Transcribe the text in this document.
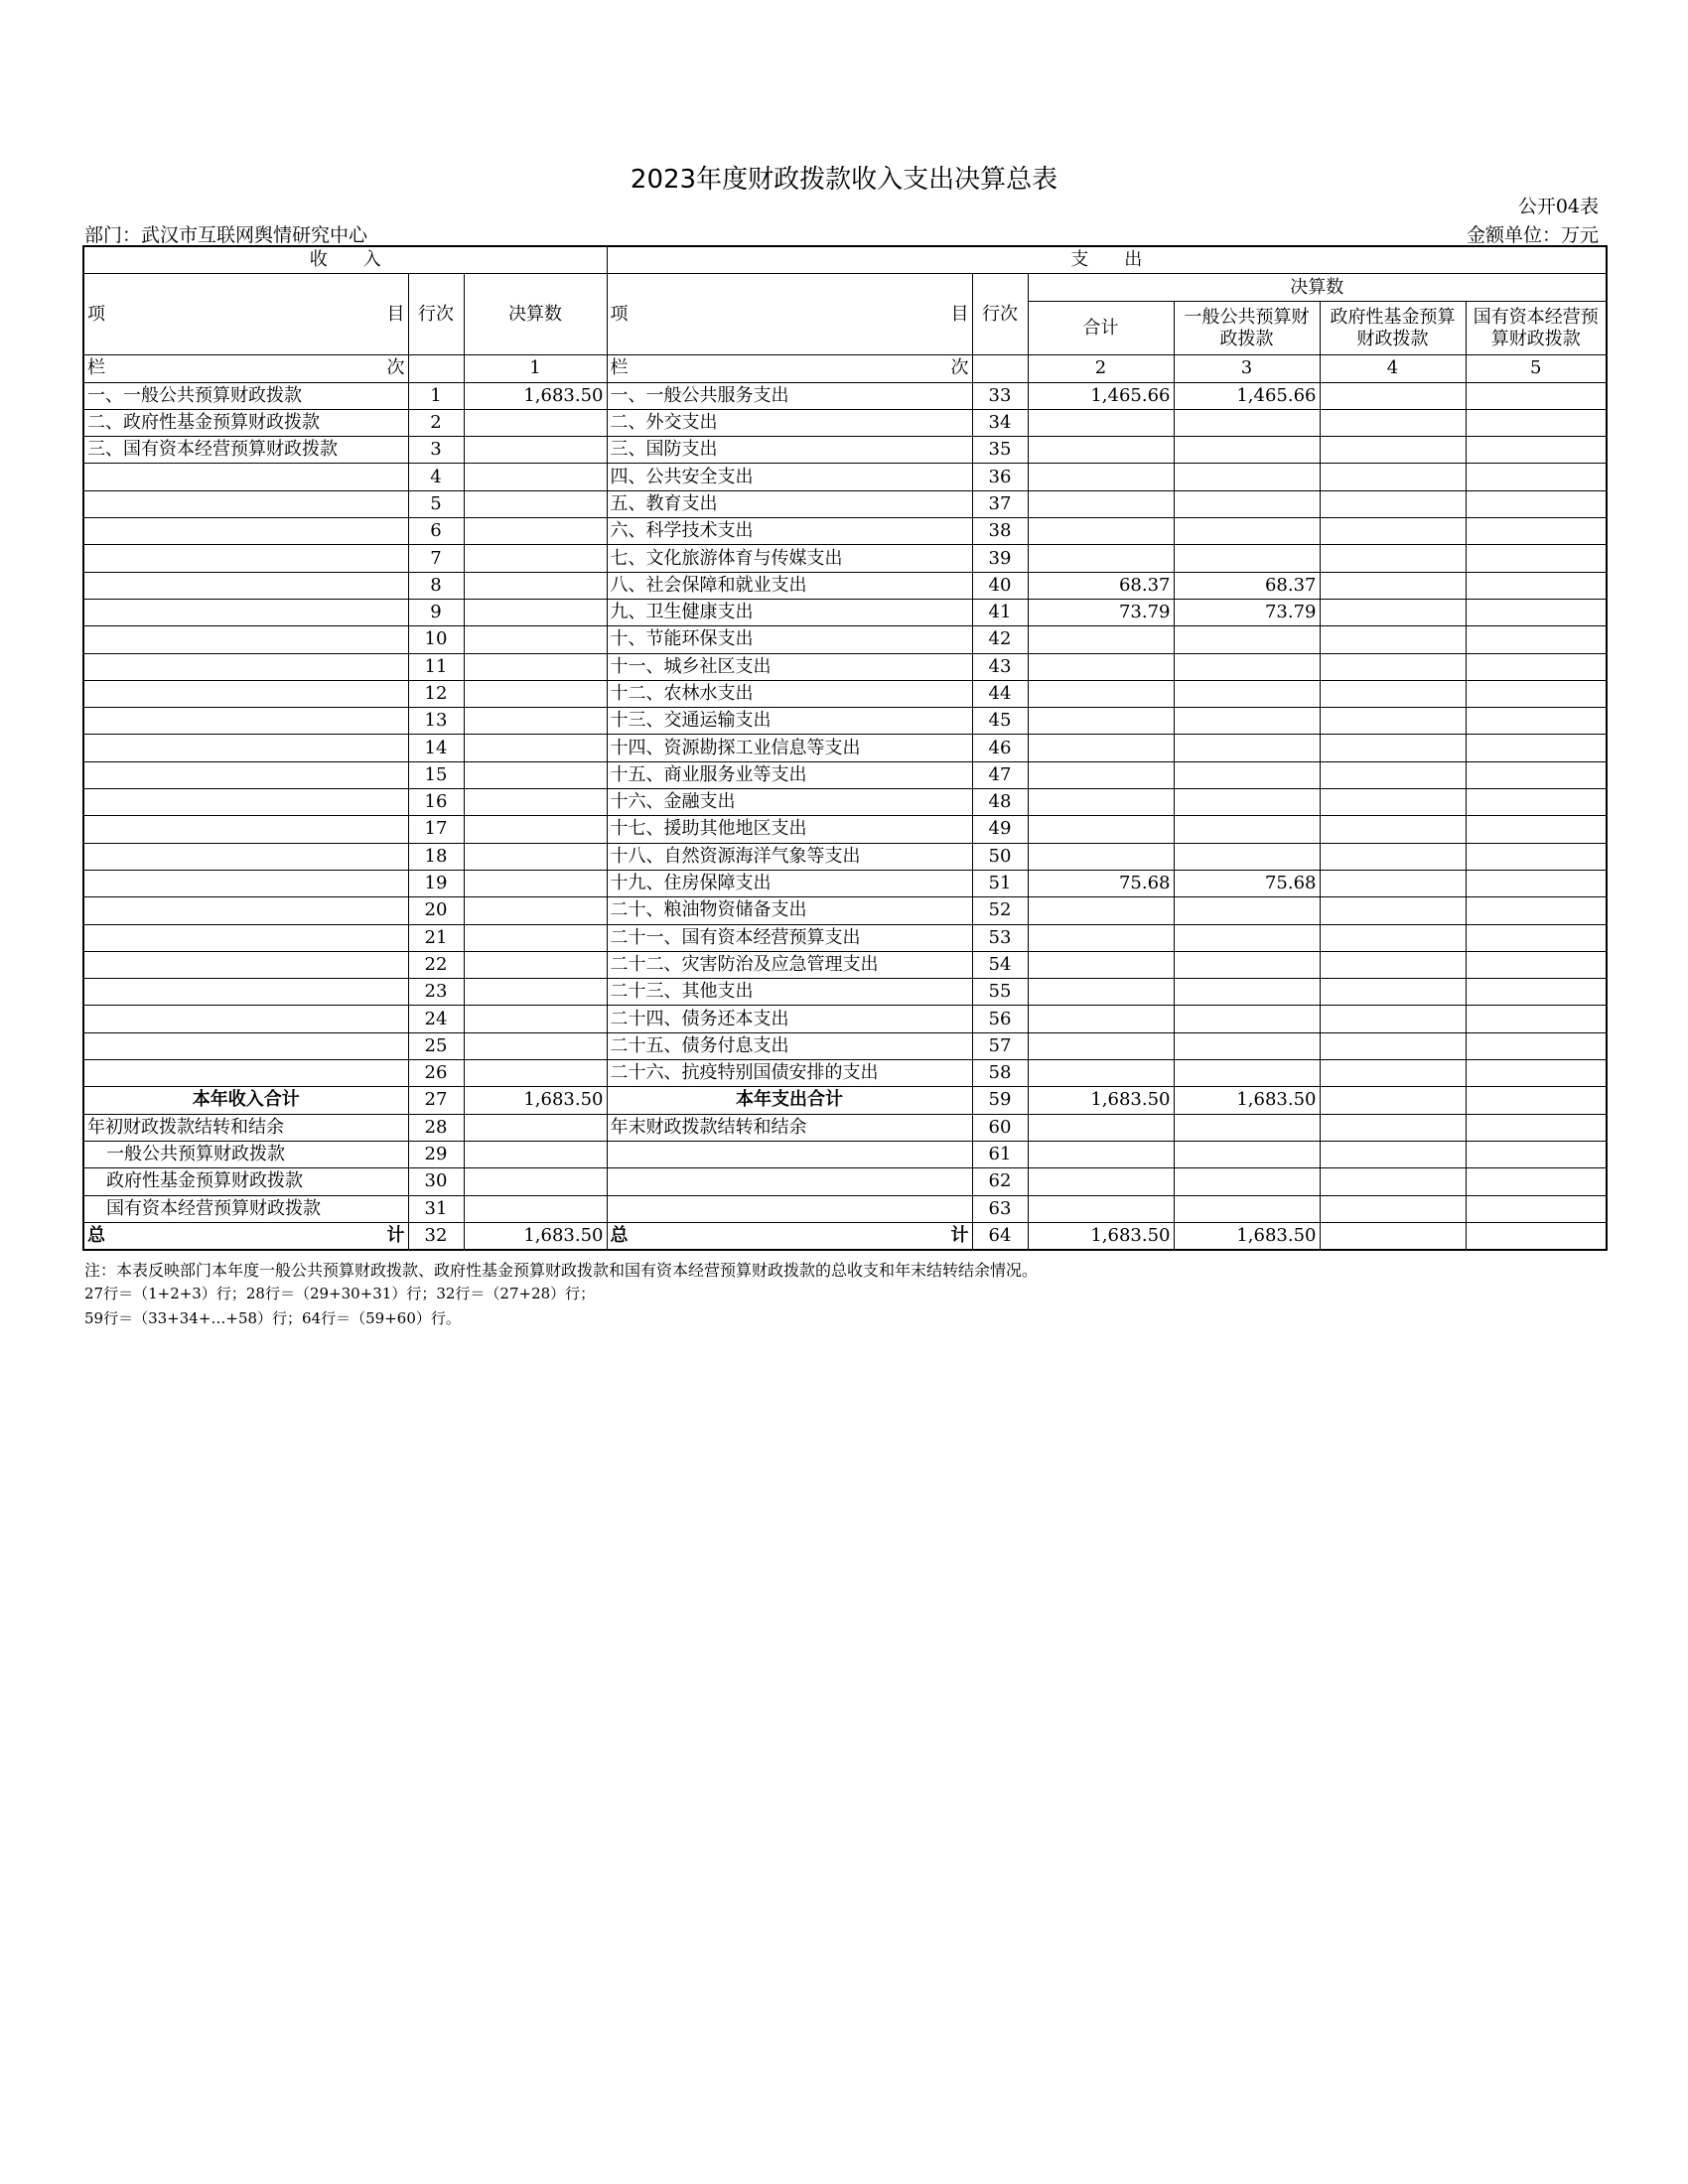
2023年度财政拨款收入支出决算总表
公开04表
部门：武汉市互联网舆情研究中心	金额单位：万元
收　　入			支　　出					

项 目	行次	决算数	项 目	行次	决算数			
					合计	一般公共预算财政拨款	政府性基金预算财政拨款	国有资本经营预算财政拨款

栏 次		1	栏 次		2	3	4	5
一、一般公共预算财政拨款	1	1,683.50	一、一般公共服务支出	33	1,465.66	1,465.66		
二、政府性基金预算财政拨款	2		二、外交支出	34				
三、国有资本经营预算财政拨款	3		三、国防支出	35				
	4		四、公共安全支出	36				
	5		五、教育支出	37				
	6		六、科学技术支出	38				
	7		七、文化旅游体育与传媒支出	39				
	8		八、社会保障和就业支出	40	68.37	68.37		
	9		九、卫生健康支出	41	73.79	73.79		
	10		十、节能环保支出	42				
	11		十一、城乡社区支出	43				
	12		十二、农林水支出	44				
	13		十三、交通运输支出	45				
	14		十四、资源勘探工业信息等支出	46				
	15		十五、商业服务业等支出	47				
	16		十六、金融支出	48				
	17		十七、援助其他地区支出	49				
	18		十八、自然资源海洋气象等支出	50				
	19		十九、住房保障支出	51	75.68	75.68		
	20		二十、粮油物资储备支出	52				
	21		二十一、国有资本经营预算支出	53				
	22		二十二、灾害防治及应急管理支出	54				
	23		二十三、其他支出	55				
	24		二十四、债务还本支出	56				
	25		二十五、债务付息支出	57				
	26		二十六、抗疫特别国债安排的支出	58				
本年收入合计	27	1,683.50	本年支出合计	59	1,683.50	1,683.50		
年初财政拨款结转和结余	28		年末财政拨款结转和结余	60				
一般公共预算财政拨款	29			61				
政府性基金预算财政拨款	30			62				
国有资本经营预算财政拨款	31			63				

总 计	32	1,683.50	总 计	64	1,683.50	1,683.50		
注：本表反映部门本年度一般公共预算财政拨款、政府性基金预算财政拨款和国有资本经营预算财政拨款的总收支和年末结转结余情况。
27行＝（1+2+3）行；28行＝（29+30+31）行；32行＝（27+28）行；
59行＝（33+34+…+58）行；64行＝（59+60）行。
